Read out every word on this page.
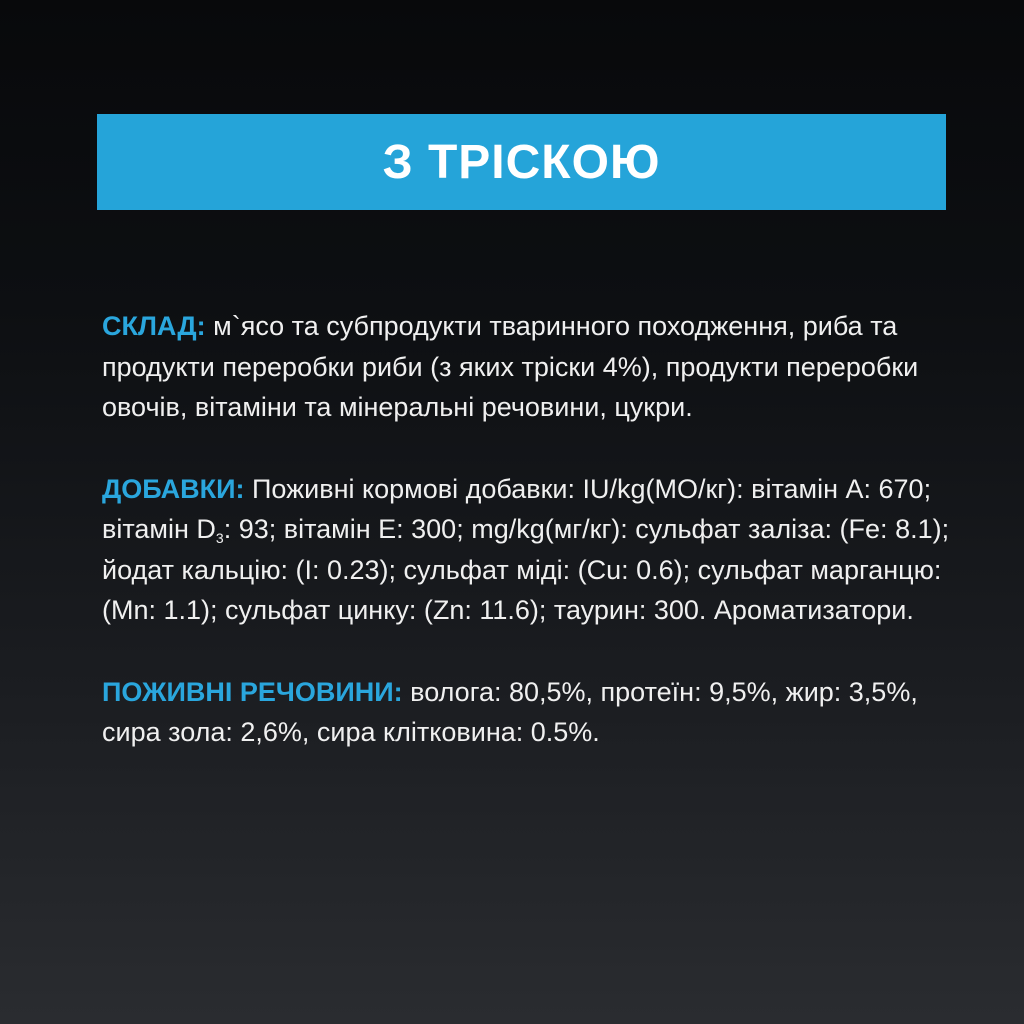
З ТРІСКОЮ

СКЛАД: м`ясо та субпродукти тваринного походження, риба та продукти переробки риби (з яких тріски 4%), продукти переробки овочів, вітаміни та мінеральні речовини, цукри.

ДОБАВКИ: Поживні кормові добавки: IU/kg(МО/кг): вітамін A: 670; вітамін $D_3$: 93; вітамін E: 300; mg/kg(мг/кг): сульфат заліза: (Fe: 8.1); йодат кальцію: (I: 0.23); сульфат міді: (Cu: 0.6); сульфат марганцю: (Mn: 1.1); сульфат цинку: (Zn: 11.6); таурин: 300. Ароматизатори.

ПОЖИВНІ РЕЧОВИНИ: волога: 80,5%, протеїн: 9,5%, жир: 3,5%, сира зола: 2,6%, сира клітковина: 0.5%.
